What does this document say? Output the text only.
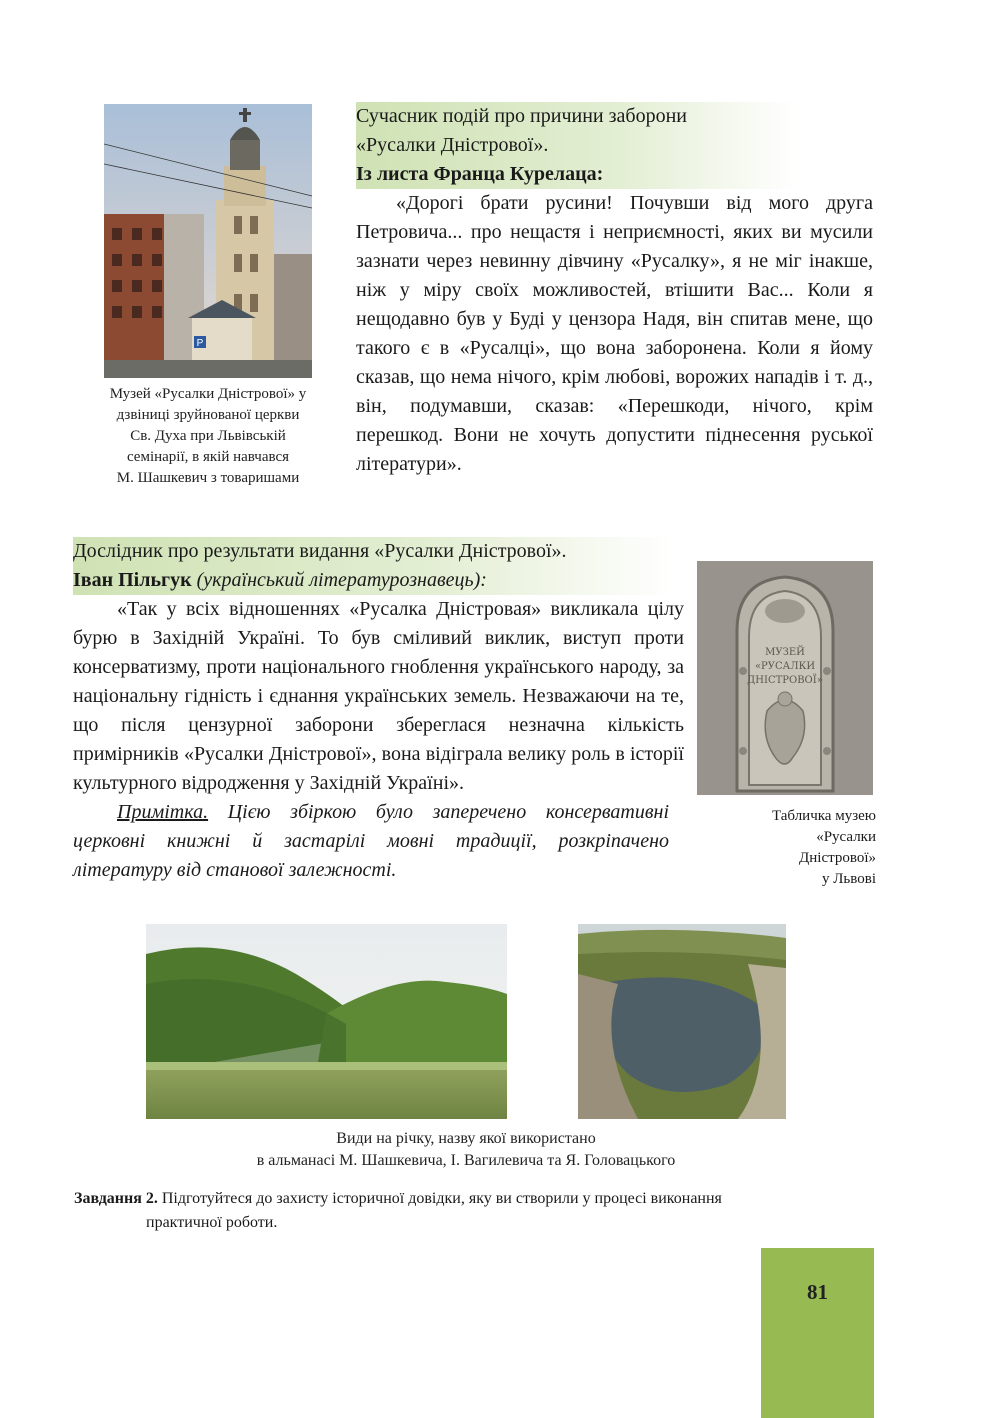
P
Музей «Русалки Дністрової» у
дзвіниці зруйнованої церкви
Св. Духа при Львівській
семінарії, в якій навчався
М. Шашкевич з товаришами
Сучасник подій про причини заборони
«Русалки Дністрової».
Із листа Франца Курелаца:

«Дорогі брати русини! Почувши від мого друга Петровича... про нещастя і неприємності, яких ви мусили зазнати через невинну дівчину «Русалку», я не міг інакше, ніж у міру своїх можливостей, втішити Вас... Коли я нещодавно був у Буді у цензора Надя, він спитав мене, що такого є в «Русалці», що вона заборонена. Коли я йому сказав, що нема нічого, крім любові, ворожих нападів і т. д., він, подумавши, сказав: «Перешкоди, нічого, крім перешкод. Вони не хочуть допустити піднесення руської літератури».

Дослідник про результати видання «Русалки Дністрової».
Іван Пільгук (український літературознавець):

«Так у всіх відношеннях «Русалка Дністровая» викликала цілу бурю в Західній Україні. То був сміливий виклик, виступ проти консерватизму, проти національного гноблення українського народу, за національну гідність і єднання українських земель. Незважаючи на те, що після цензурної заборони збереглася незначна кількість примірників «Русалки Дністрової», вона відіграла велику роль в історії культурного відродження у Західній Україні».

Примітка. Цією збіркою було заперечено консервативні церковні книжні й застарілі мовні традиції, розкріпачено літературу від станової залежності.

МУЗЕЙ
«РУСАЛКИ
ДНІСТРОВОЇ»
Табличка музею
«Русалки
Дністрової»
у Львові
Види на річку, назву якої використано
в альманасі М. Шашкевича, І. Вагилевича та Я. Головацького
Завдання 2. Підготуйтеся до захисту історичної довідки, яку ви створили у процесі виконання
практичної роботи.
81
